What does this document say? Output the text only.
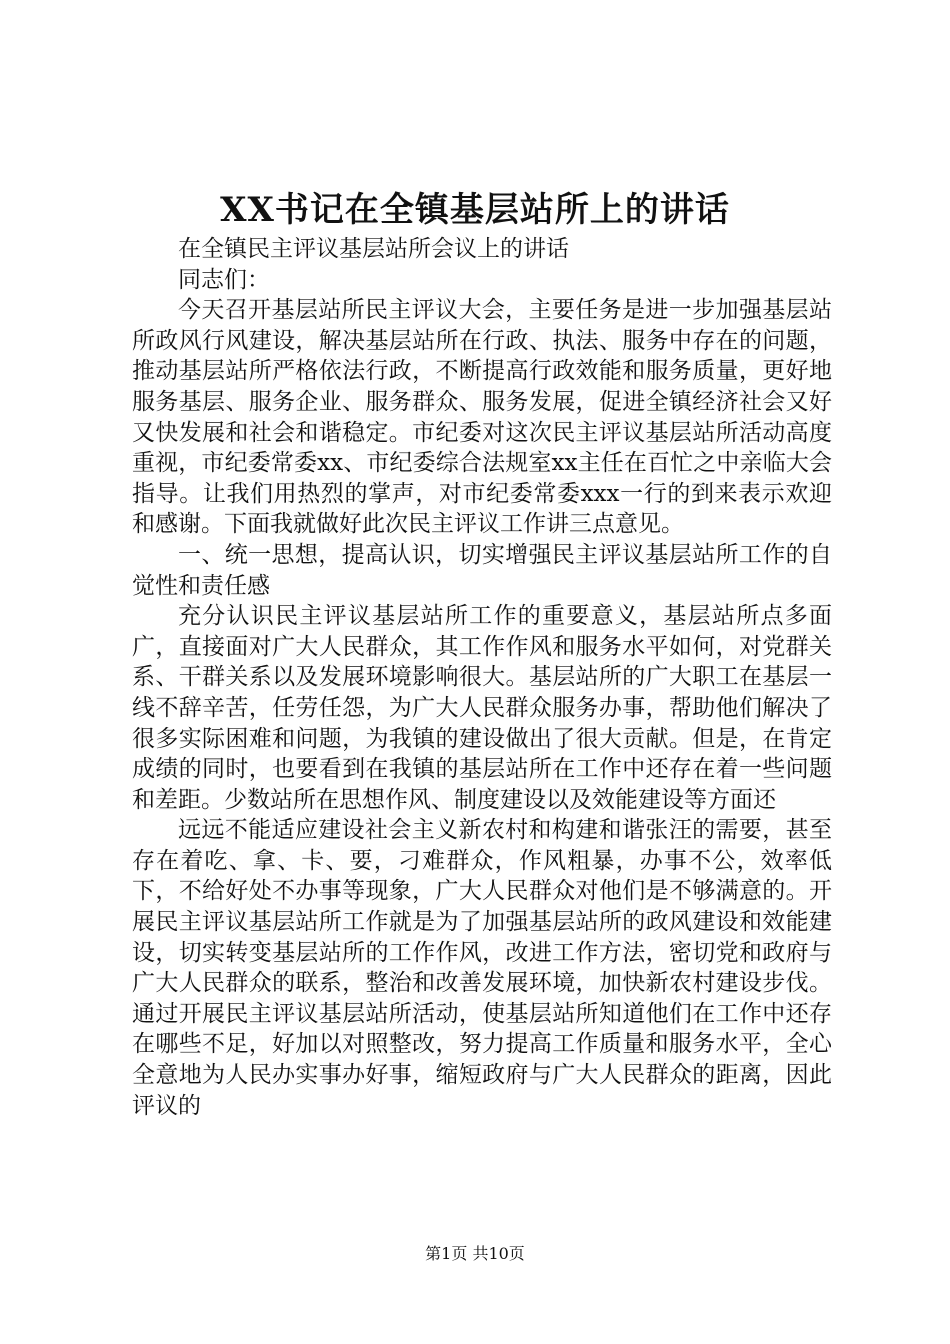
XX书记在全镇基层站所上的讲话

在全镇民主评议基层站所会议上的讲话

同志们：

今天召开基层站所民主评议大会，主要任务是进一步加强基层站所政风行风建设，解决基层站所在行政、执法、服务中存在的问题，推动基层站所严格依法行政，不断提高行政效能和服务质量，更好地服务基层、服务企业、服务群众、服务发展，促进全镇经济社会又好又快发展和社会和谐稳定。市纪委对这次民主评议基层站所活动高度重视，市纪委常委xx、市纪委综合法规室xx主任在百忙之中亲临大会指导。让我们用热烈的掌声，对市纪委常委xxx一行的到来表示欢迎和感谢。下面我就做好此次民主评议工作讲三点意见。

一、统一思想，提高认识，切实增强民主评议基层站所工作的自觉性和责任感

充分认识民主评议基层站所工作的重要意义，基层站所点多面广，直接面对广大人民群众，其工作作风和服务水平如何，对党群关系、干群关系以及发展环境影响很大。基层站所的广大职工在基层一线不辞辛苦，任劳任怨，为广大人民群众服务办事，帮助他们解决了很多实际困难和问题，为我镇的建设做出了很大贡献。但是，在肯定成绩的同时，也要看到在我镇的基层站所在工作中还存在着一些问题和差距。少数站所在思想作风、制度建设以及效能建设等方面还

远远不能适应建设社会主义新农村和构建和谐张汪的需要，甚至存在着吃、拿、卡、要，刁难群众，作风粗暴，办事不公，效率低下，不给好处不办事等现象，广大人民群众对他们是不够满意的。开展民主评议基层站所工作就是为了加强基层站所的政风建设和效能建设，切实转变基层站所的工作作风，改进工作方法，密切党和政府与广大人民群众的联系，整治和改善发展环境，加快新农村建设步伐。通过开展民主评议基层站所活动，使基层站所知道他们在工作中还存在哪些不足，好加以对照整改，努力提高工作质量和服务水平，全心全意地为人民办实事办好事，缩短政府与广大人民群众的距离，因此评议的

第1页 共10页
